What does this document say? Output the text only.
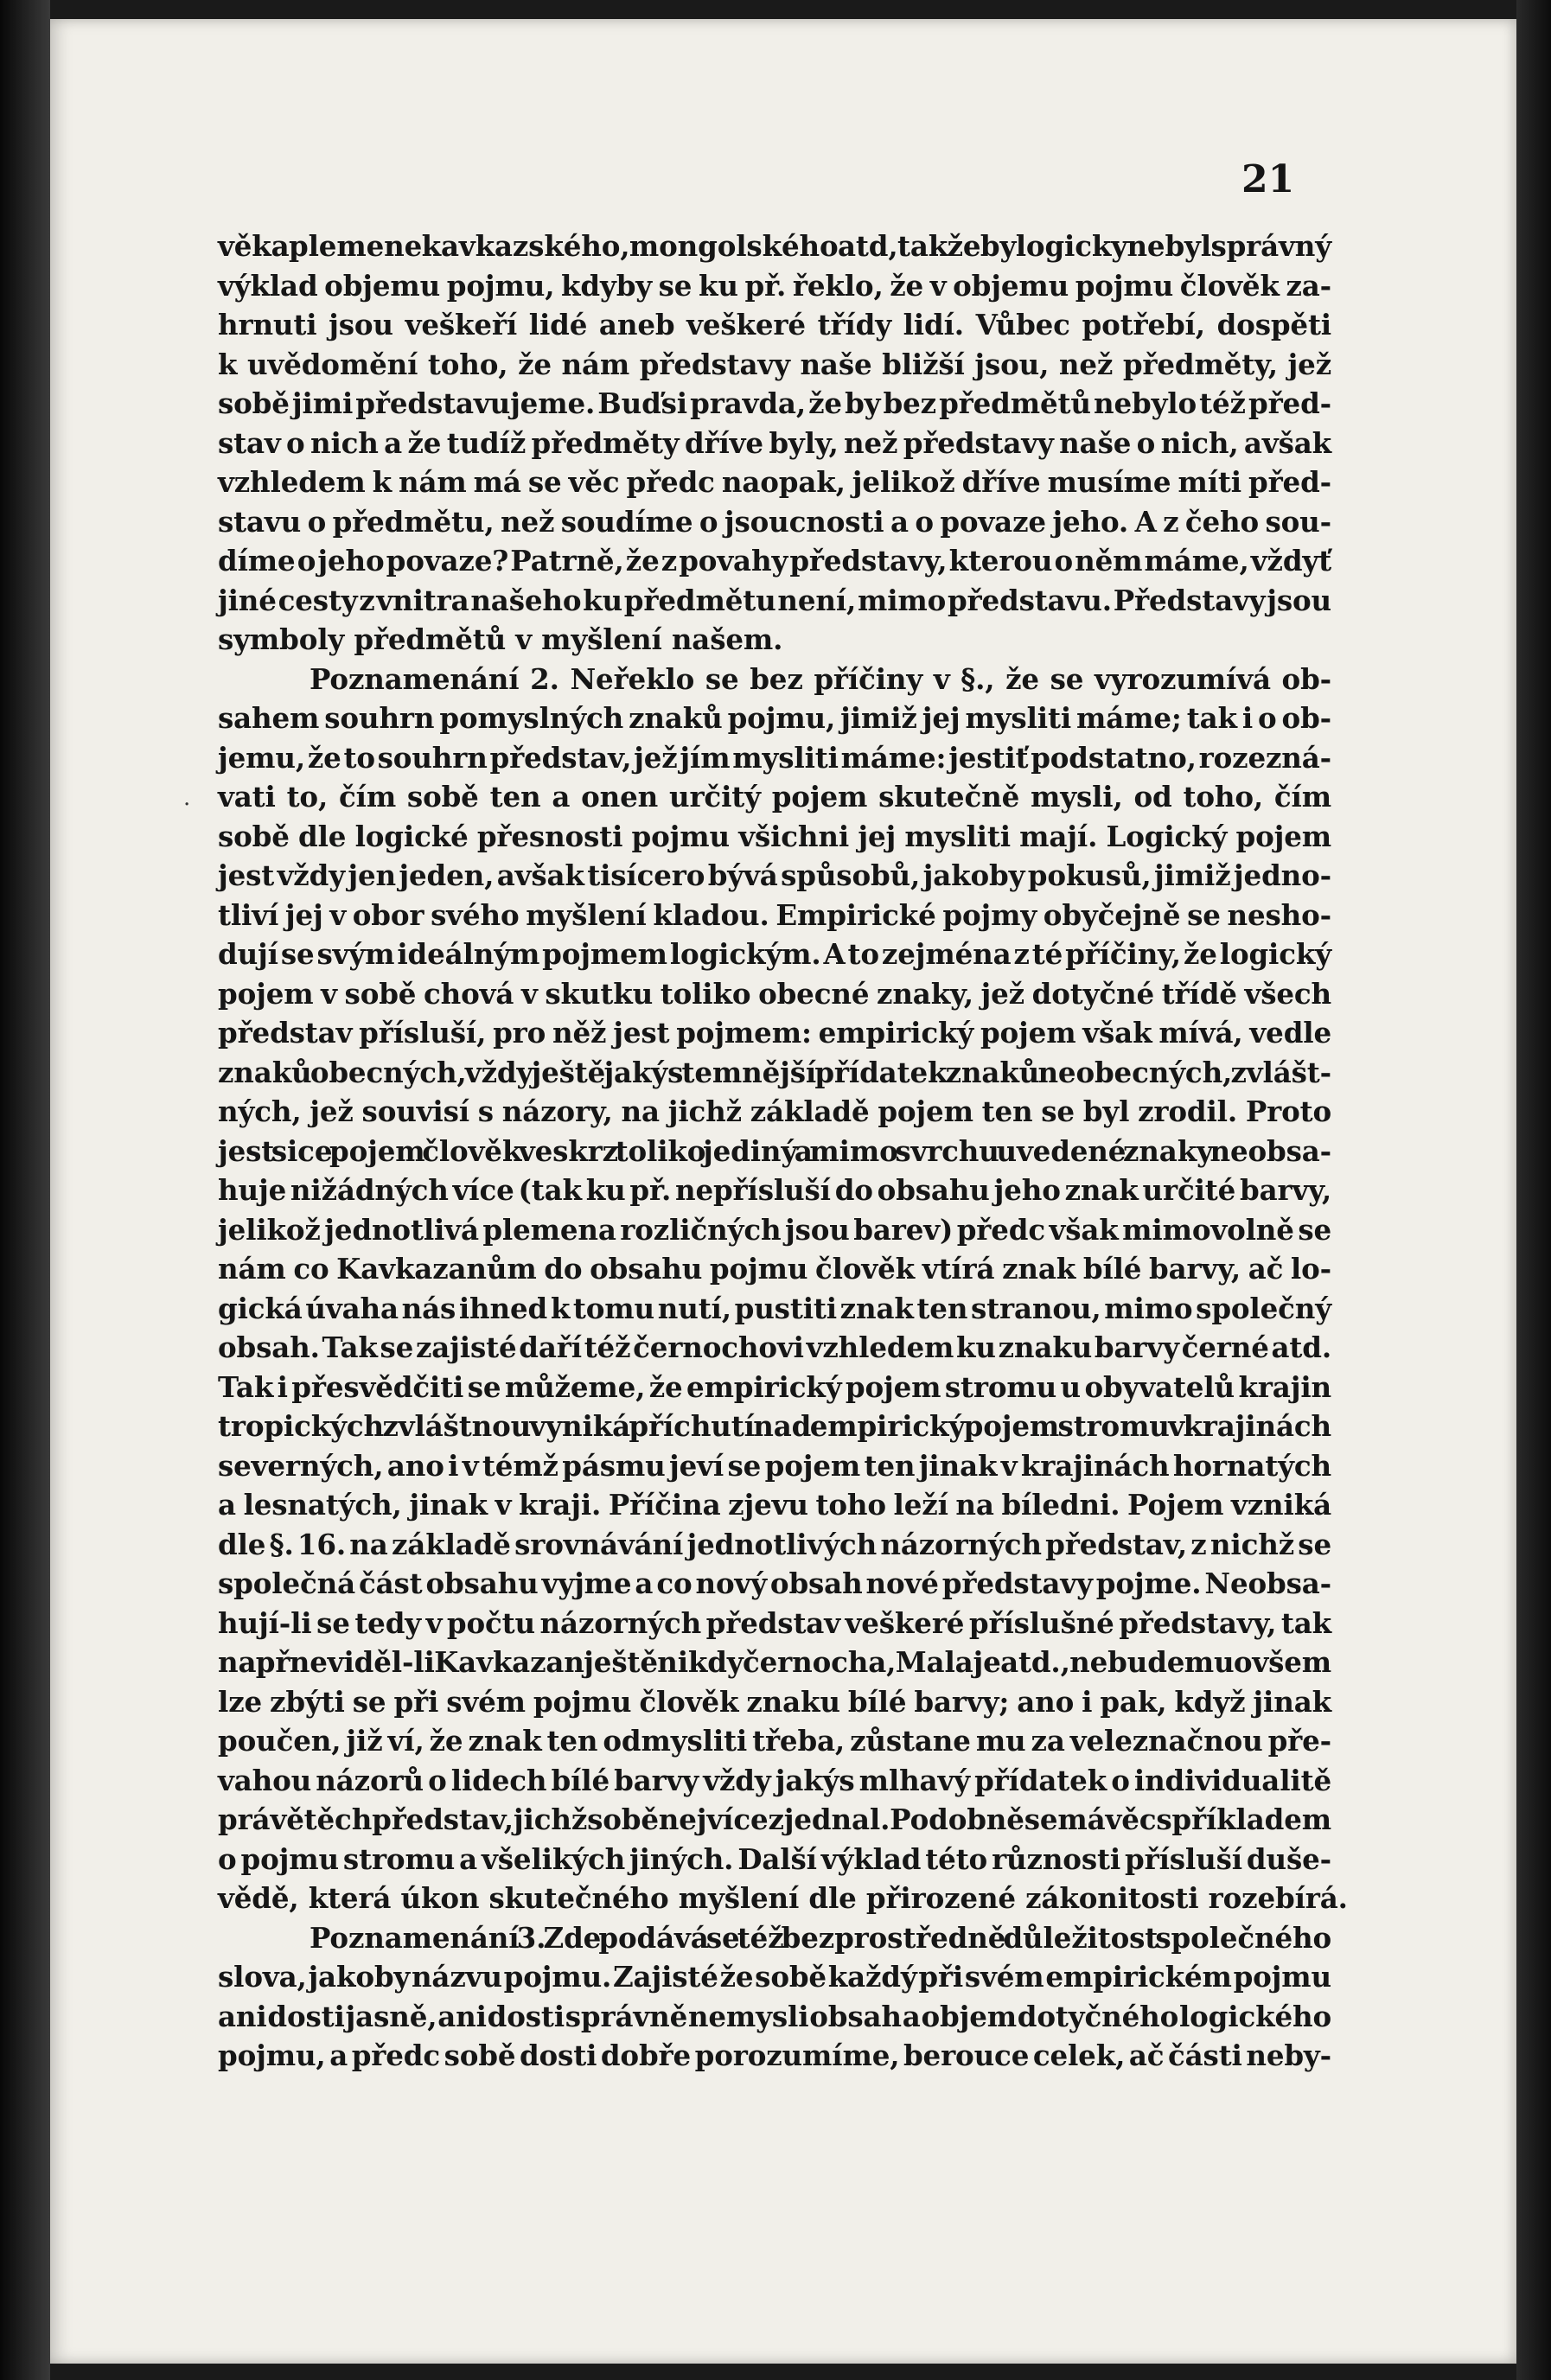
21

věka plemene kavkazského, mongolského atd, tak že by logicky nebyl správný
výklad objemu pojmu, kdyby se ku př. řeklo, že v objemu pojmu člověk za-
hrnuti jsou veškeří lidé aneb veškeré třídy lidí. Vůbec potřebí, dospěti
k uvědomění toho, že nám představy naše bližší jsou, než předměty, jež
sobě jimi představujeme. Buďsi pravda, že by bez předmětů nebylo též před-
stav o nich a že tudíž předměty dříve byly, než představy naše o nich, avšak
vzhledem k nám má se věc předc naopak, jelikož dříve musíme míti před-
stavu o předmětu, než soudíme o jsoucnosti a o povaze jeho. A z čeho sou-
díme o jeho povaze? Patrně, že z povahy představy, kterou o něm máme, vždyť
jiné cesty z vnitra našeho ku předmětu není, mimo představu. Představy jsou
symboly předmětů v myšlení našem.

Poznamenání 2. Neřeklo se bez příčiny v §., že se vyrozumívá ob-
sahem souhrn pomyslných znaků pojmu, jimiž jej mysliti máme; tak i o ob-
jemu, že to souhrn představ, jež jím mysliti máme: jestiť podstatno, rozezná-
vati to, čím sobě ten a onen určitý pojem skutečně mysli, od toho, čím
sobě dle logické přesnosti pojmu všichni jej mysliti mají. Logický pojem
jest vždy jen jeden, avšak tisícero bývá spůsobů, jakoby pokusů, jimiž jedno-
tliví jej v obor svého myšlení kladou. Empirické pojmy obyčejně se nesho-
dují se svým ideálným pojmem logickým. A to zejména z té příčiny, že logický
pojem v sobě chová v skutku toliko obecné znaky, jež dotyčné třídě všech
představ přísluší, pro něž jest pojmem: empirický pojem však mívá, vedle
znaků obecných, vždy ještě jakýs temnější přídatek znaků neobecných, zvlášt-
ných, jež souvisí s názory, na jichž základě pojem ten se byl zrodil. Proto
jest sice pojem člověk veskrz toliko jediný a mimo svrchu uvedené znaky neobsa-
huje nižádných více (tak ku př. nepřísluší do obsahu jeho znak určité barvy,
jelikož jednotlivá plemena rozličných jsou barev) předc však mimovolně se
nám co Kavkazanům do obsahu pojmu člověk vtírá znak bílé barvy, ač lo-
gická úvaha nás ihned k tomu nutí, pustiti znak ten stranou, mimo společný
obsah. Tak se zajisté daří též černochovi vzhledem ku znaku barvy černé atd.
Tak i přesvědčiti se můžeme, že empirický pojem stromu u obyvatelů krajin
tropických zvláštnou vyniká příchutí nad empirický pojem stromu v krajinách
severných, ano i v témž pásmu jeví se pojem ten jinak v krajinách hornatých
a lesnatých, jinak v kraji. Příčina zjevu toho leží na bíledni. Pojem vzniká
dle §. 16. na základě srovnávání jednotlivých názorných představ, z nichž se
společná část obsahu vyjme a co nový obsah nové představy pojme. Neobsa-
hují-li se tedy v počtu názorných představ veškeré příslušné představy, tak
na př neviděl-li Kavkazan ještě nikdy černocha, Malaje atd., nebude mu ovšem
lze zbýti se při svém pojmu člověk znaku bílé barvy; ano i pak, když jinak
poučen, již ví, že znak ten odmysliti třeba, zůstane mu za veleznačnou pře-
vahou názorů o lidech bílé barvy vždy jakýs mlhavý přídatek o individualitě
právě těch představ, jichž sobě nejvíce zjednal. Podobně se má věc s příkladem
o pojmu stromu a všelikých jiných. Další výklad této různosti přísluší duše-
vědě, která úkon skutečného myšlení dle přirozené zákonitosti rozebírá.

Poznamenání 3. Zde podává se též bezprostředně důležitost společného
slova, jakoby názvu pojmu. Zajisté že sobě každý při svém empirickém pojmu
ani dosti jasně, ani dosti správně nemysli obsah a objem dotyčného logického
pojmu, a předc sobě dosti dobře porozumíme, berouce celek, ač části neby-

.
